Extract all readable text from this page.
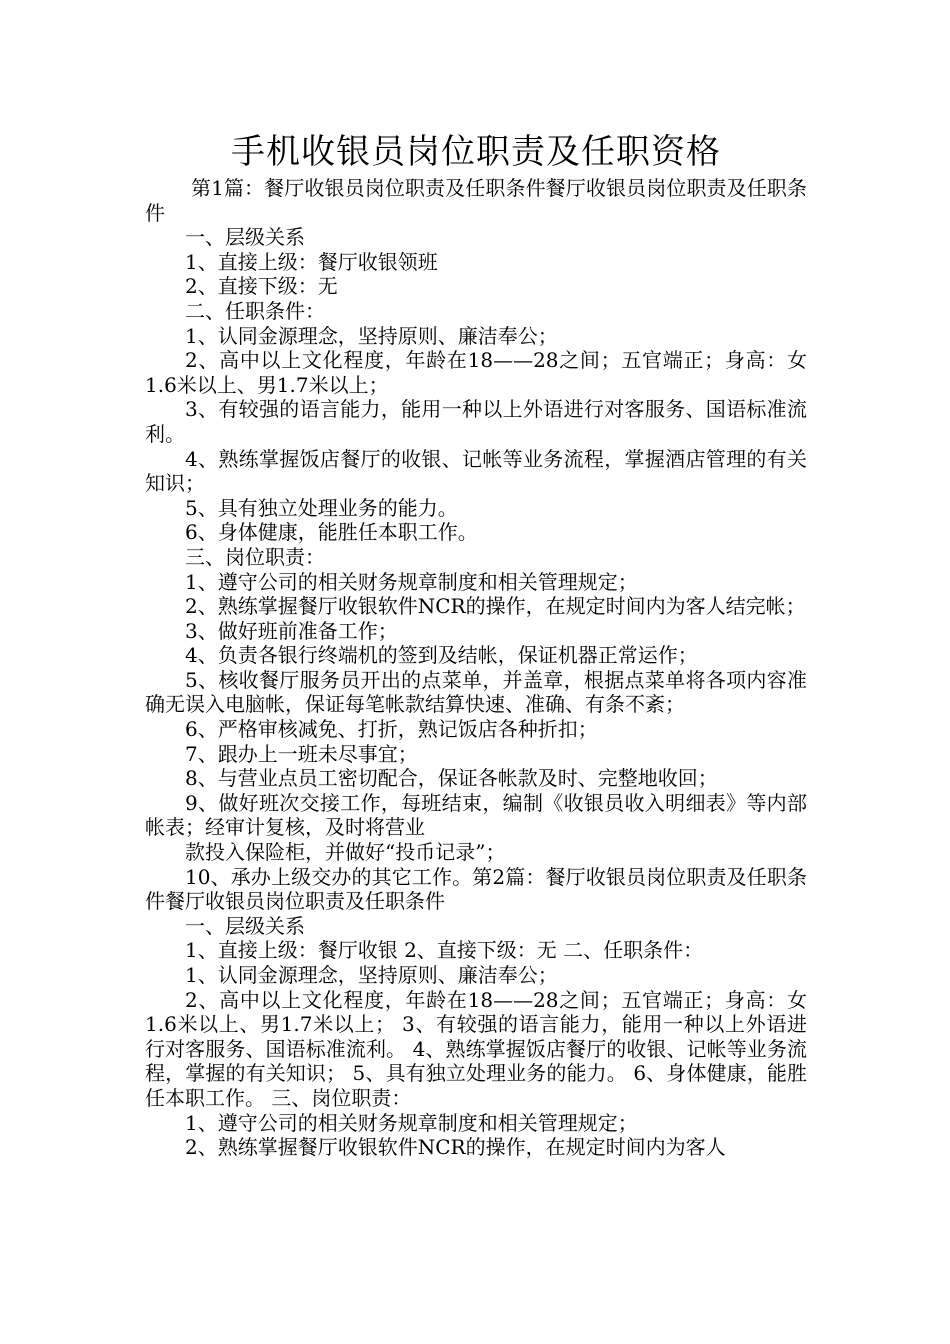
手机收银员岗位职责及任职资格

第1篇：餐厅收银员岗位职责及任职条件餐厅收银员岗位职责及任职条件

一、层级关系

1、直接上级：餐厅收银领班

2、直接下级：无

二、任职条件：

1、认同金源理念，坚持原则、廉洁奉公；

2、高中以上文化程度，年龄在18——28之间；五官端正；身高：女1.6米以上、男1.7米以上；

3、有较强的语言能力，能用一种以上外语进行对客服务、国语标准流利。

4、熟练掌握饭店餐厅的收银、记帐等业务流程，掌握酒店管理的有关知识；

5、具有独立处理业务的能力。

6、身体健康，能胜任本职工作。

三、岗位职责：

1、遵守公司的相关财务规章制度和相关管理规定；

2、熟练掌握餐厅收银软件NCR的操作，在规定时间内为客人结完帐；

3、做好班前准备工作；

4、负责各银行终端机的签到及结帐，保证机器正常运作；

5、核收餐厅服务员开出的点菜单，并盖章，根据点菜单将各项内容准确无误入电脑帐，保证每笔帐款结算快速、准确、有条不紊；

6、严格审核减免、打折，熟记饭店各种折扣；

7、跟办上一班未尽事宜；

8、与营业点员工密切配合，保证各帐款及时、完整地收回；

9、做好班次交接工作，每班结束，编制《收银员收入明细表》等内部帐表；经审计复核，及时将营业

款投入保险柜，并做好“投币记录”；

10、承办上级交办的其它工作。第2篇：餐厅收银员岗位职责及任职条件餐厅收银员岗位职责及任职条件

一、层级关系

1、直接上级：餐厅收银 2、直接下级：无 二、任职条件：

1、认同金源理念，坚持原则、廉洁奉公；

2、高中以上文化程度，年龄在18——28之间；五官端正；身高：女1.6米以上、男1.7米以上； 3、有较强的语言能力，能用一种以上外语进行对客服务、国语标准流利。 4、熟练掌握饭店餐厅的收银、记帐等业务流程，掌握的有关知识； 5、具有独立处理业务的能力。 6、身体健康，能胜任本职工作。 三、岗位职责：

1、遵守公司的相关财务规章制度和相关管理规定；

2、熟练掌握餐厅收银软件NCR的操作，在规定时间内为客人
